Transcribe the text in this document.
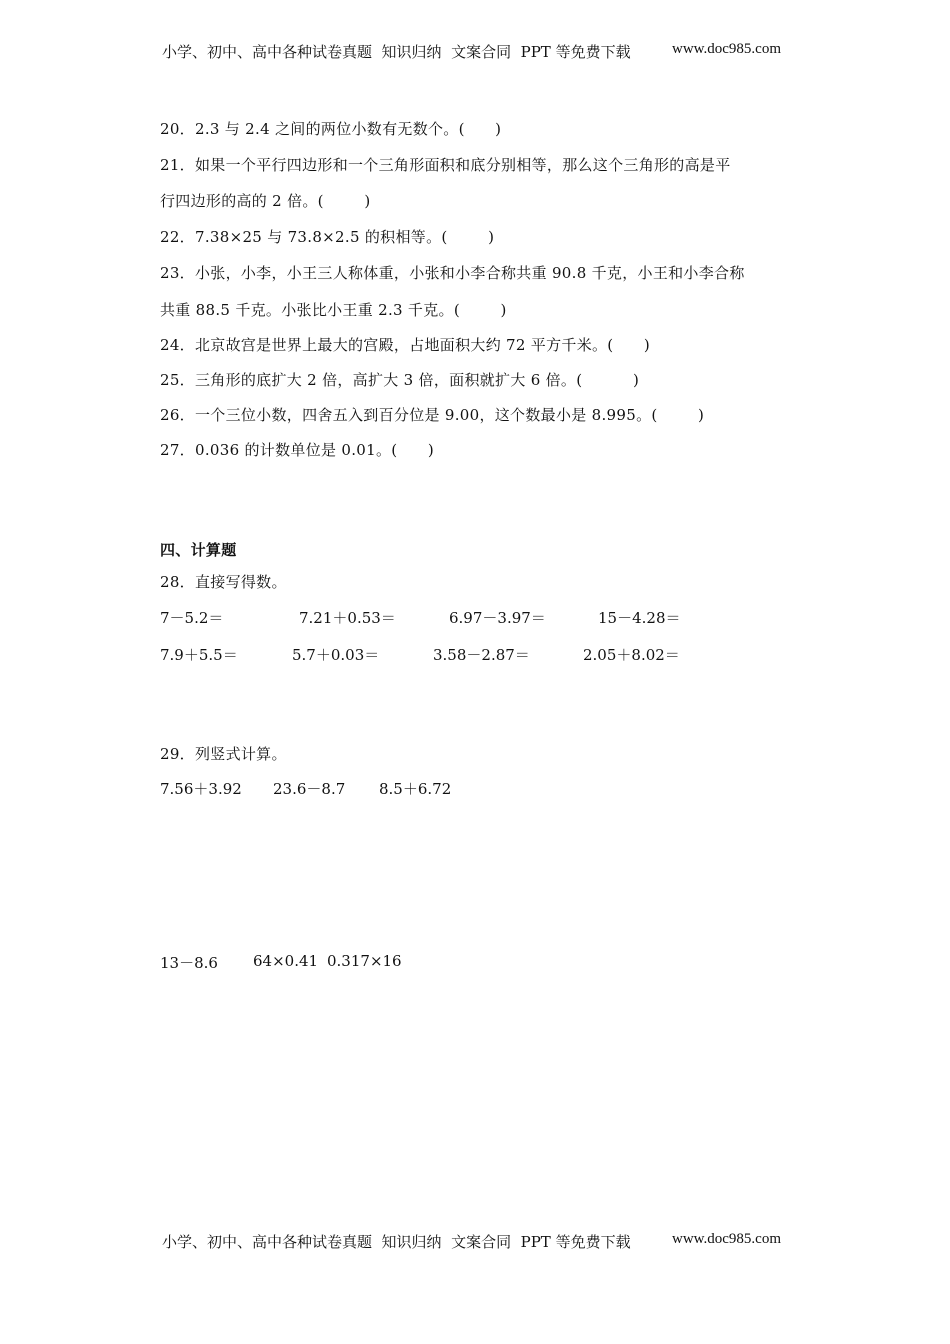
小学、初中、高中各种试卷真题  知识归纳  文案合同  PPT 等免费下载	www.doc985.com
20．2.3 与 2.4 之间的两位小数有无数个。(      )
21．如果一个平行四边形和一个三角形面积和底分别相等，那么这个三角形的高是平
行四边形的高的 2 倍。(        )
22．7.38×25 与 73.8×2.5 的积相等。(        )
23．小张，小李，小王三人称体重，小张和小李合称共重 90.8 千克，小王和小李合称
共重 88.5 千克。小张比小王重 2.3 千克。(        )
24．北京故宫是世界上最大的宫殿，占地面积大约 72 平方千米。(      )
25．三角形的底扩大 2 倍，高扩大 3 倍，面积就扩大 6 倍。(          )
26．一个三位小数，四舍五入到百分位是 9.00，这个数最小是 8.995。(        )
27．0.036 的计数单位是 0.01。(      )
四、计算题
28．直接写得数。
7－5.2＝	7.21＋0.53＝	6.97－3.97＝	15－4.28＝
7.9＋5.5＝	5.7＋0.03＝	3.58－2.87＝	2.05＋8.02＝
29．列竖式计算。
7.56＋3.92 23.6－8.7 8.5＋6.72
13－8.6 64×0.41 0.317×16
小学、初中、高中各种试卷真题  知识归纳  文案合同  PPT 等免费下载	www.doc985.com
